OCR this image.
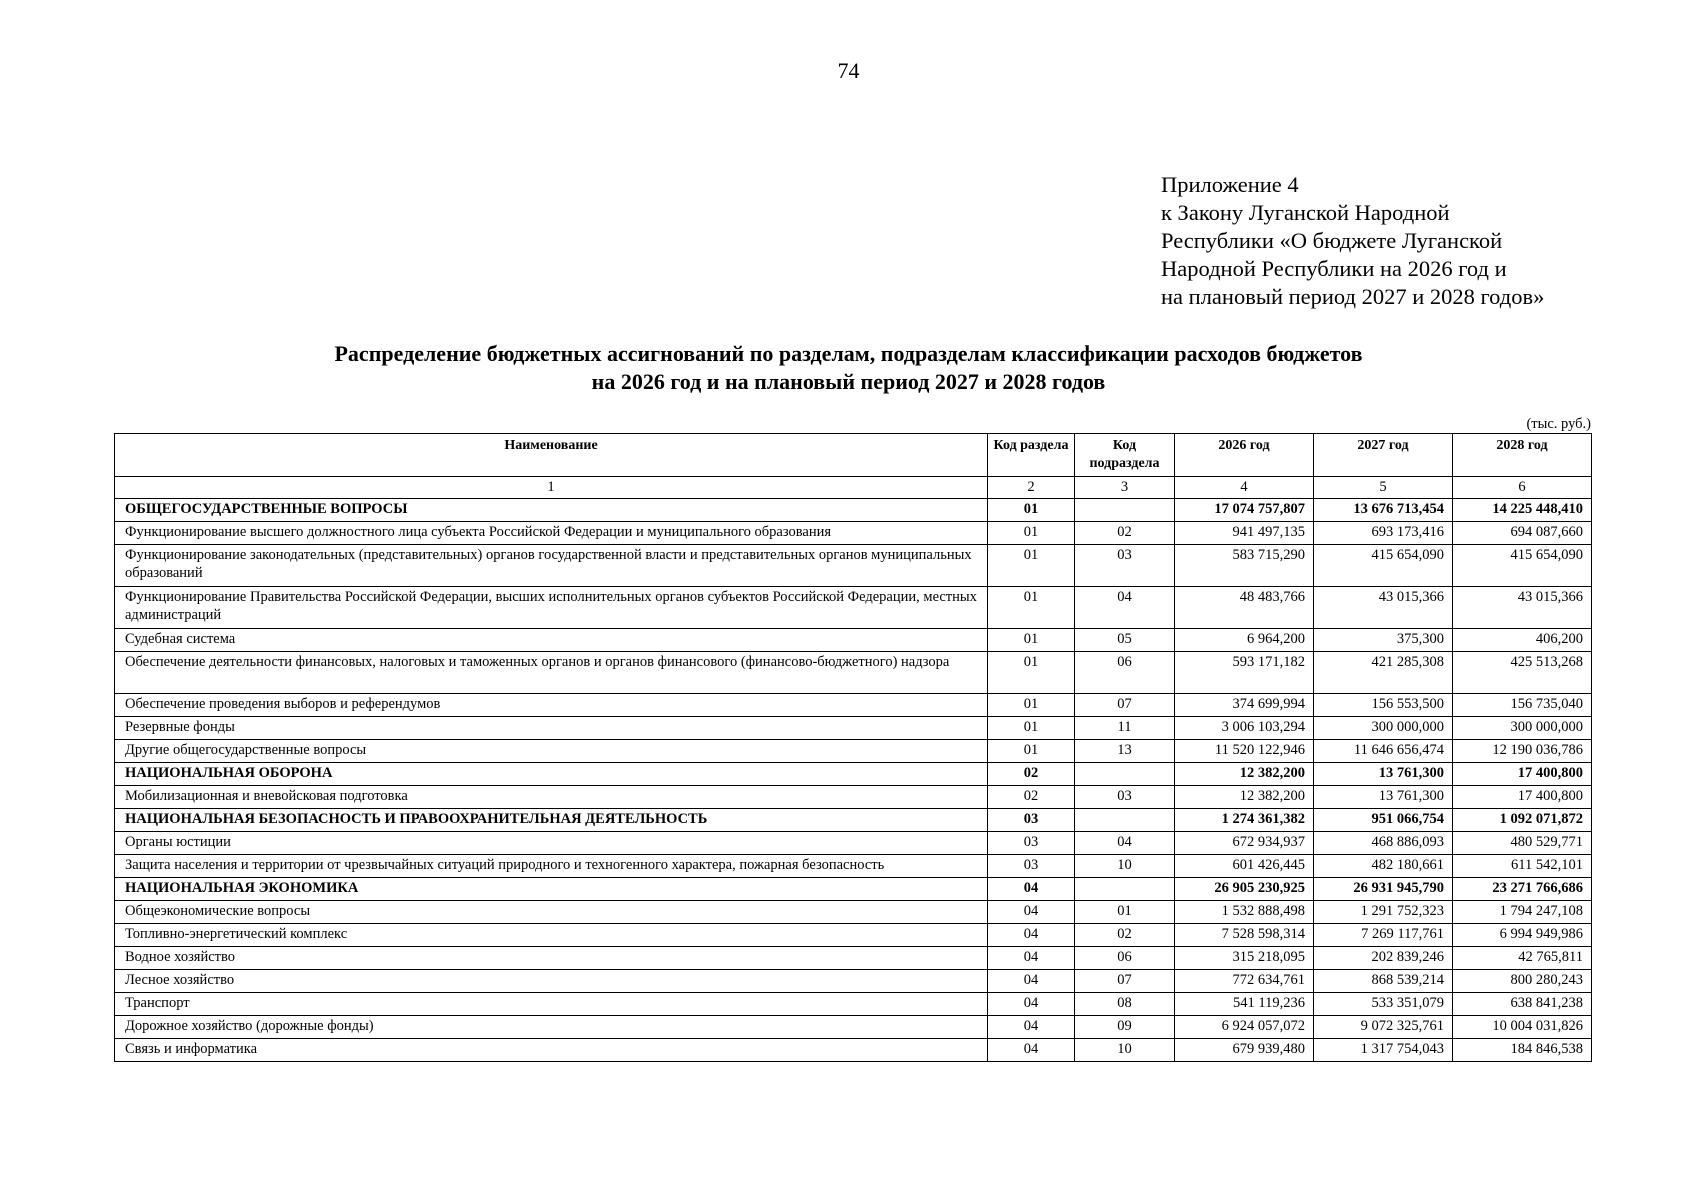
74
Приложение 4
к Закону Луганской Народной
Республики «О бюджете Луганской
Народной Республики на 2026 год и
на плановый период 2027 и 2028 годов»
Распределение бюджетных ассигнований по разделам, подразделам классификации расходов бюджетов
на 2026 год и на плановый период 2027 и 2028 годов
(тыс. руб.)
Наименование	Код раздела	Код подраздела	2026 год	2027 год	2028 год
1	2	3	4	5	6
ОБЩЕГОСУДАРСТВЕННЫЕ ВОПРОСЫ	01		17 074 757,807	13 676 713,454	14 225 448,410
Функционирование высшего должностного лица субъекта Российской Федерации и муниципального образования	01	02	941 497,135	693 173,416	694 087,660
Функционирование законодательных (представительных) органов государственной власти и представительных органов муниципальных образований	01	03	583 715,290	415 654,090	415 654,090
Функционирование Правительства Российской Федерации, высших исполнительных органов субъектов Российской Федерации, местных администраций	01	04	48 483,766	43 015,366	43 015,366
Судебная система	01	05	6 964,200	375,300	406,200
Обеспечение деятельности финансовых, налоговых и таможенных органов и органов финансового (финансово-бюджетного) надзора	01	06	593 171,182	421 285,308	425 513,268
Обеспечение проведения выборов и референдумов	01	07	374 699,994	156 553,500	156 735,040
Резервные фонды	01	11	3 006 103,294	300 000,000	300 000,000
Другие общегосударственные вопросы	01	13	11 520 122,946	11 646 656,474	12 190 036,786
НАЦИОНАЛЬНАЯ ОБОРОНА	02		12 382,200	13 761,300	17 400,800
Мобилизационная и вневойсковая подготовка	02	03	12 382,200	13 761,300	17 400,800
НАЦИОНАЛЬНАЯ БЕЗОПАСНОСТЬ И ПРАВООХРАНИТЕЛЬНАЯ ДЕЯТЕЛЬНОСТЬ	03		1 274 361,382	951 066,754	1 092 071,872
Органы юстиции	03	04	672 934,937	468 886,093	480 529,771
Защита населения и территории от чрезвычайных ситуаций природного и техногенного характера, пожарная безопасность	03	10	601 426,445	482 180,661	611 542,101
НАЦИОНАЛЬНАЯ ЭКОНОМИКА	04		26 905 230,925	26 931 945,790	23 271 766,686
Общеэкономические вопросы	04	01	1 532 888,498	1 291 752,323	1 794 247,108
Топливно-энергетический комплекс	04	02	7 528 598,314	7 269 117,761	6 994 949,986
Водное хозяйство	04	06	315 218,095	202 839,246	42 765,811
Лесное хозяйство	04	07	772 634,761	868 539,214	800 280,243
Транспорт	04	08	541 119,236	533 351,079	638 841,238
Дорожное хозяйство (дорожные фонды)	04	09	6 924 057,072	9 072 325,761	10 004 031,826
Связь и информатика	04	10	679 939,480	1 317 754,043	184 846,538
